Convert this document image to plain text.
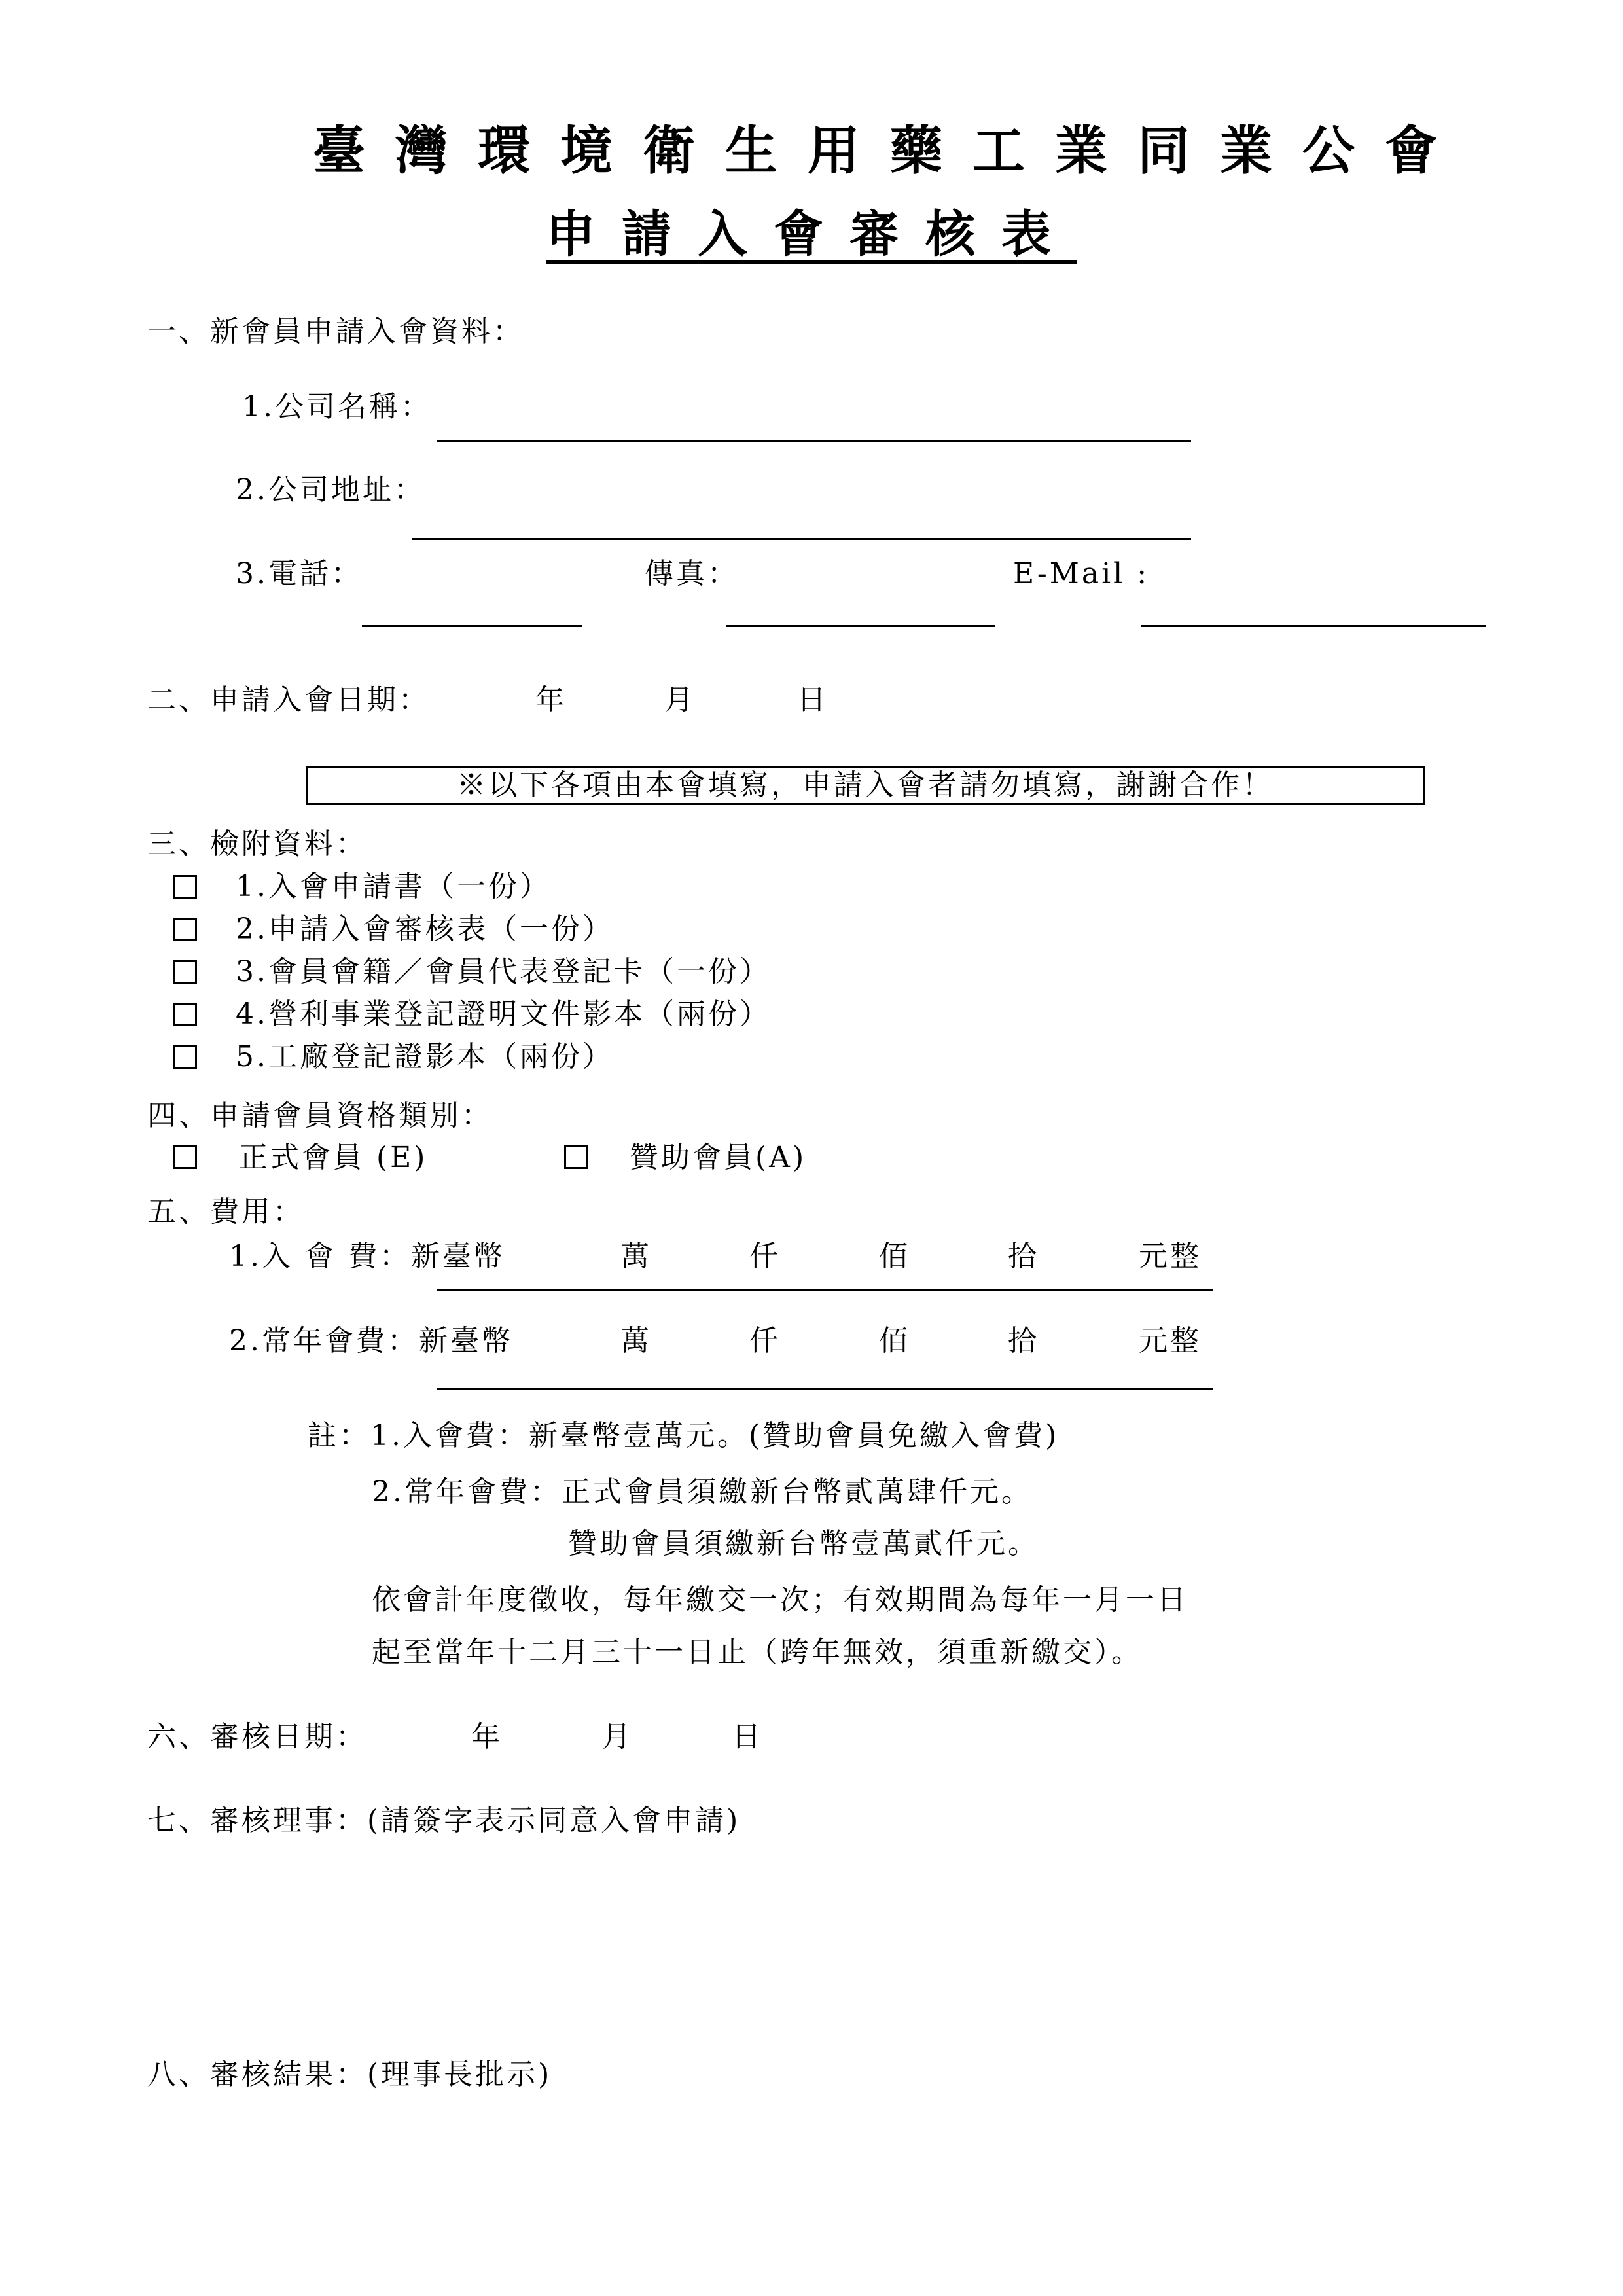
臺灣環境衛生用藥工業同業公會
申請入會審核表
一、新會員申請入會資料：
1.公司名稱：
2.公司地址：
3.電話：	傳真：	E-Mail :
二、申請入會日期：	年	月	日
※以下各項由本會填寫，申請入會者請勿填寫，謝謝合作！
三、檢附資料：
1.入會申請書（一份）
2.申請入會審核表（一份）
3.會員會籍／會員代表登記卡（一份）
4.營利事業登記證明文件影本（兩份）
5.工廠登記證影本（兩份）
四、申請會員資格類別：
正式會員 (E)	贊助會員(A)
五、費用：
1.入 會 費：新臺幣	萬	仟	佰	拾	元整
2.常年會費：新臺幣	萬	仟	佰	拾	元整
註：1.入會費：新臺幣壹萬元。(贊助會員免繳入會費)
2.常年會費：正式會員須繳新台幣貳萬肆仟元。
贊助會員須繳新台幣壹萬貳仟元。
依會計年度徵收，每年繳交一次；有效期間為每年一月一日
起至當年十二月三十一日止（跨年無效，須重新繳交）。
六、審核日期：	年	月	日
七、審核理事：(請簽字表示同意入會申請)
八、審核結果：(理事長批示)
